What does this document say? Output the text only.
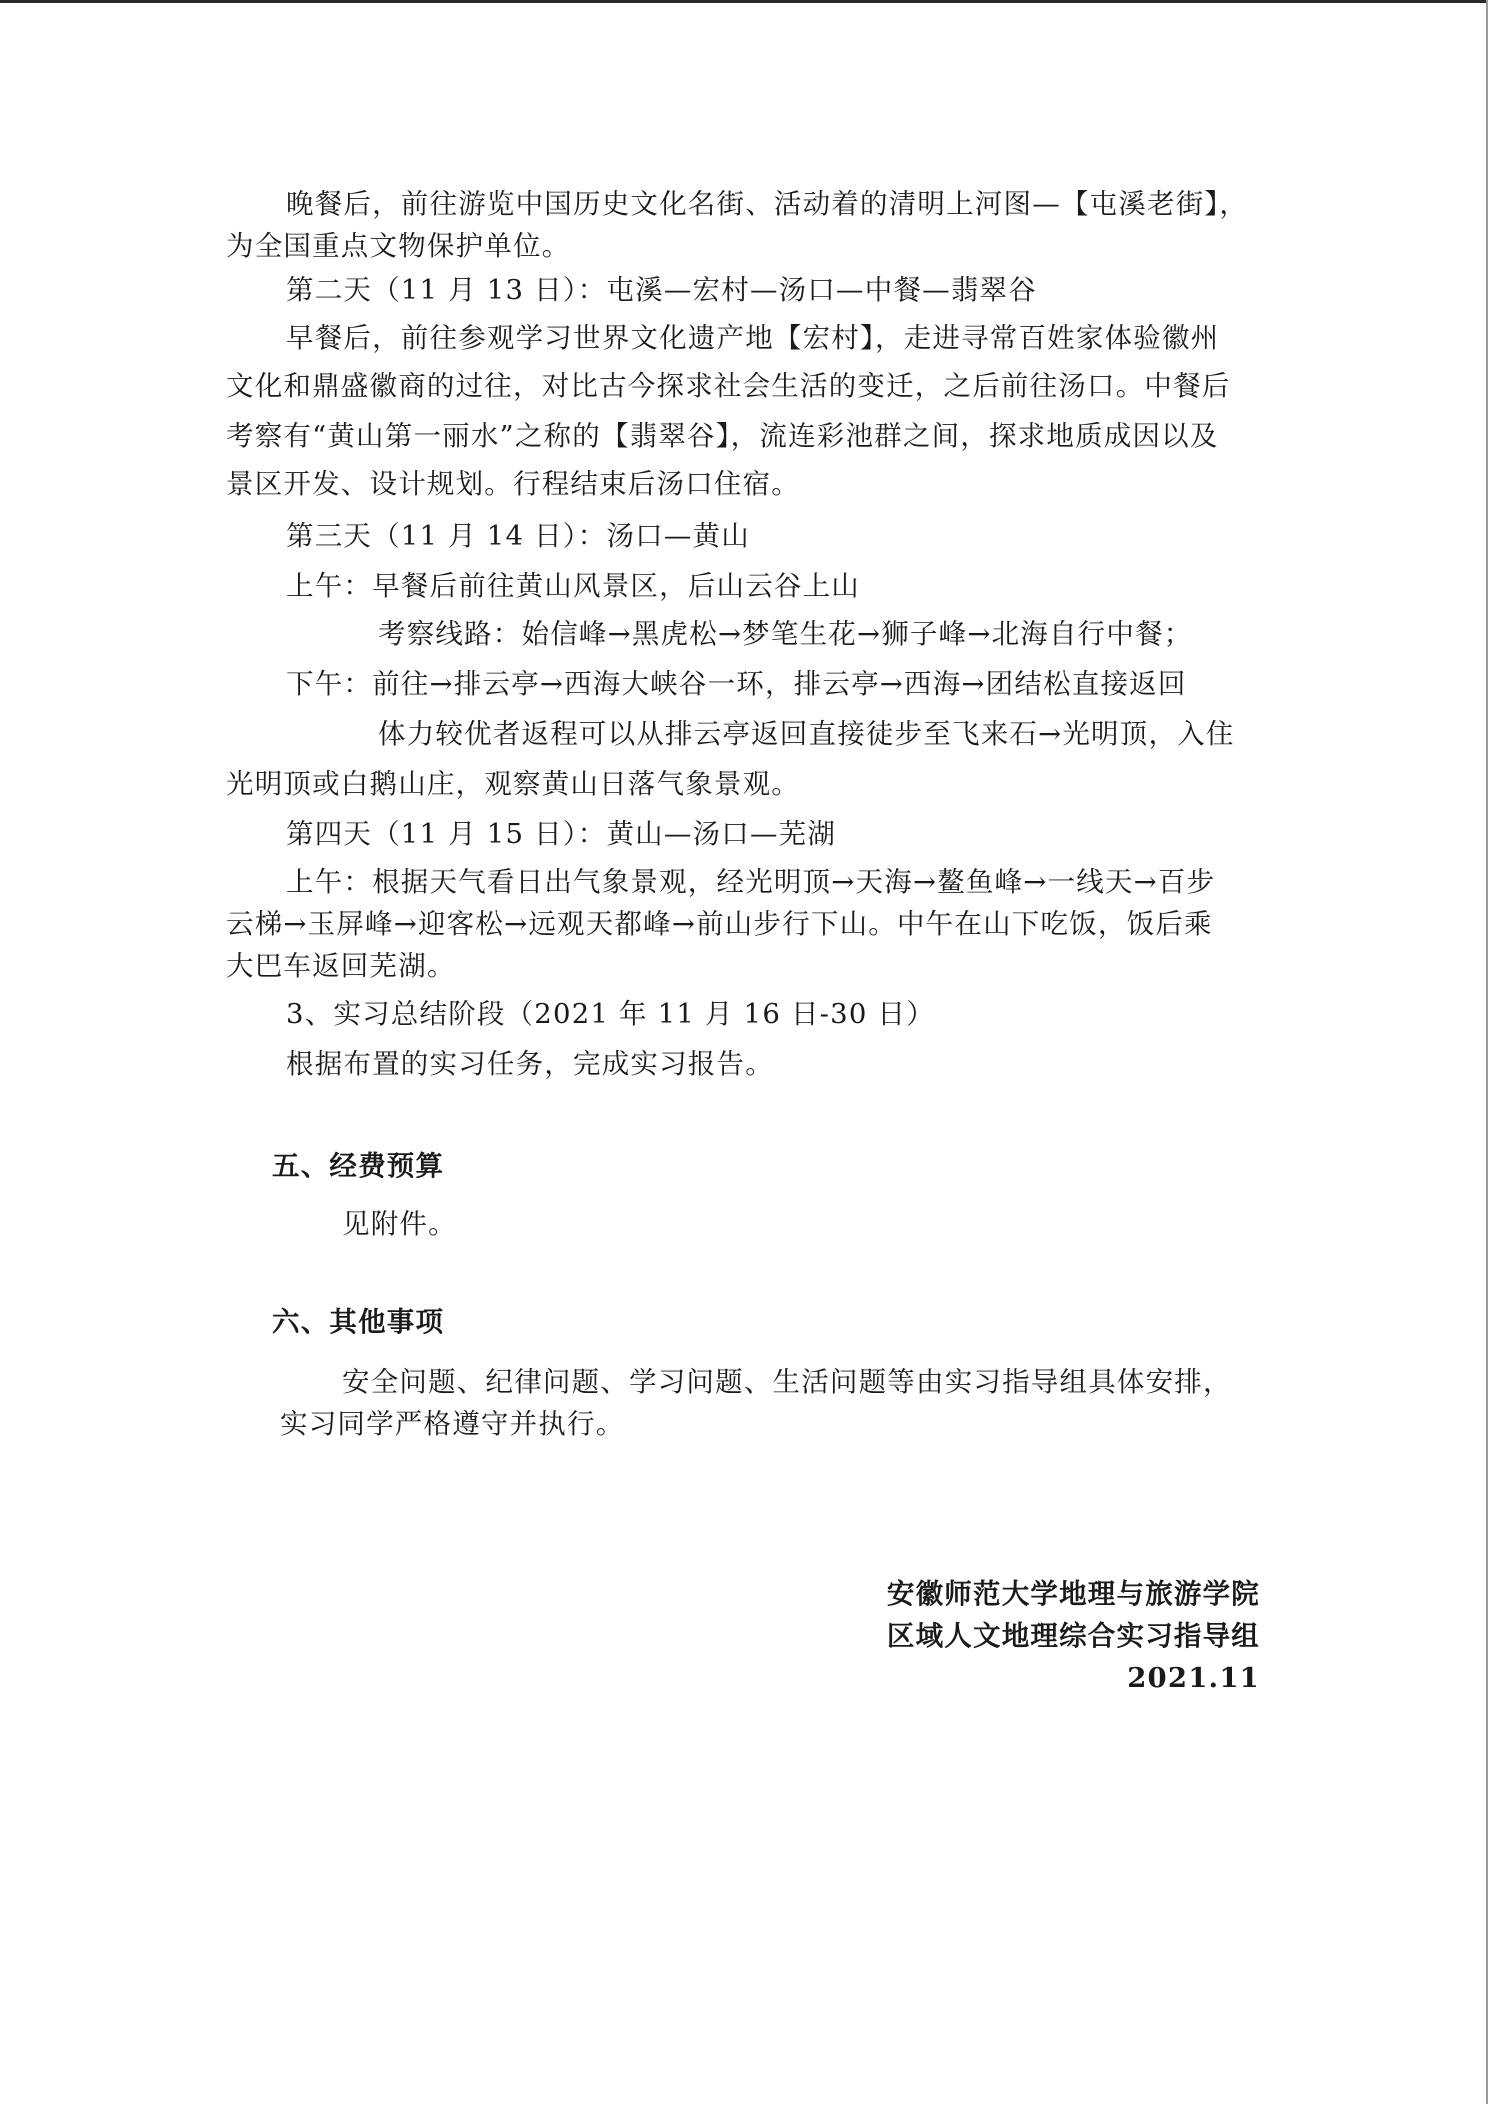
晚餐后，前往游览中国历史文化名街、活动着的清明上河图—【屯溪老街】，
为全国重点文物保护单位。
第二天（11 月 13 日）：屯溪—宏村—汤口—中餐—翡翠谷
早餐后，前往参观学习世界文化遗产地【宏村】，走进寻常百姓家体验徽州
文化和鼎盛徽商的过往，对比古今探求社会生活的变迁，之后前往汤口。中餐后
考察有“黄山第一丽水”之称的【翡翠谷】，流连彩池群之间，探求地质成因以及
景区开发、设计规划。行程结束后汤口住宿。
第三天（11 月 14 日）：汤口—黄山
上午：早餐后前往黄山风景区，后山云谷上山
考察线路：始信峰→黑虎松→梦笔生花→狮子峰→北海自行中餐；
下午：前往→排云亭→西海大峡谷一环，排云亭→西海→团结松直接返回
体力较优者返程可以从排云亭返回直接徒步至飞来石→光明顶，入住
光明顶或白鹅山庄，观察黄山日落气象景观。
第四天（11 月 15 日）：黄山—汤口—芜湖
上午：根据天气看日出气象景观，经光明顶→天海→鳌鱼峰→一线天→百步
云梯→玉屏峰→迎客松→远观天都峰→前山步行下山。中午在山下吃饭，饭后乘
大巴车返回芜湖。
3、实习总结阶段（2021 年 11 月 16 日-30 日）
根据布置的实习任务，完成实习报告。
五、经费预算
见附件。
六、其他事项
安全问题、纪律问题、学习问题、生活问题等由实习指导组具体安排，
实习同学严格遵守并执行。
安徽师范大学地理与旅游学院
区域人文地理综合实习指导组
2021.11
